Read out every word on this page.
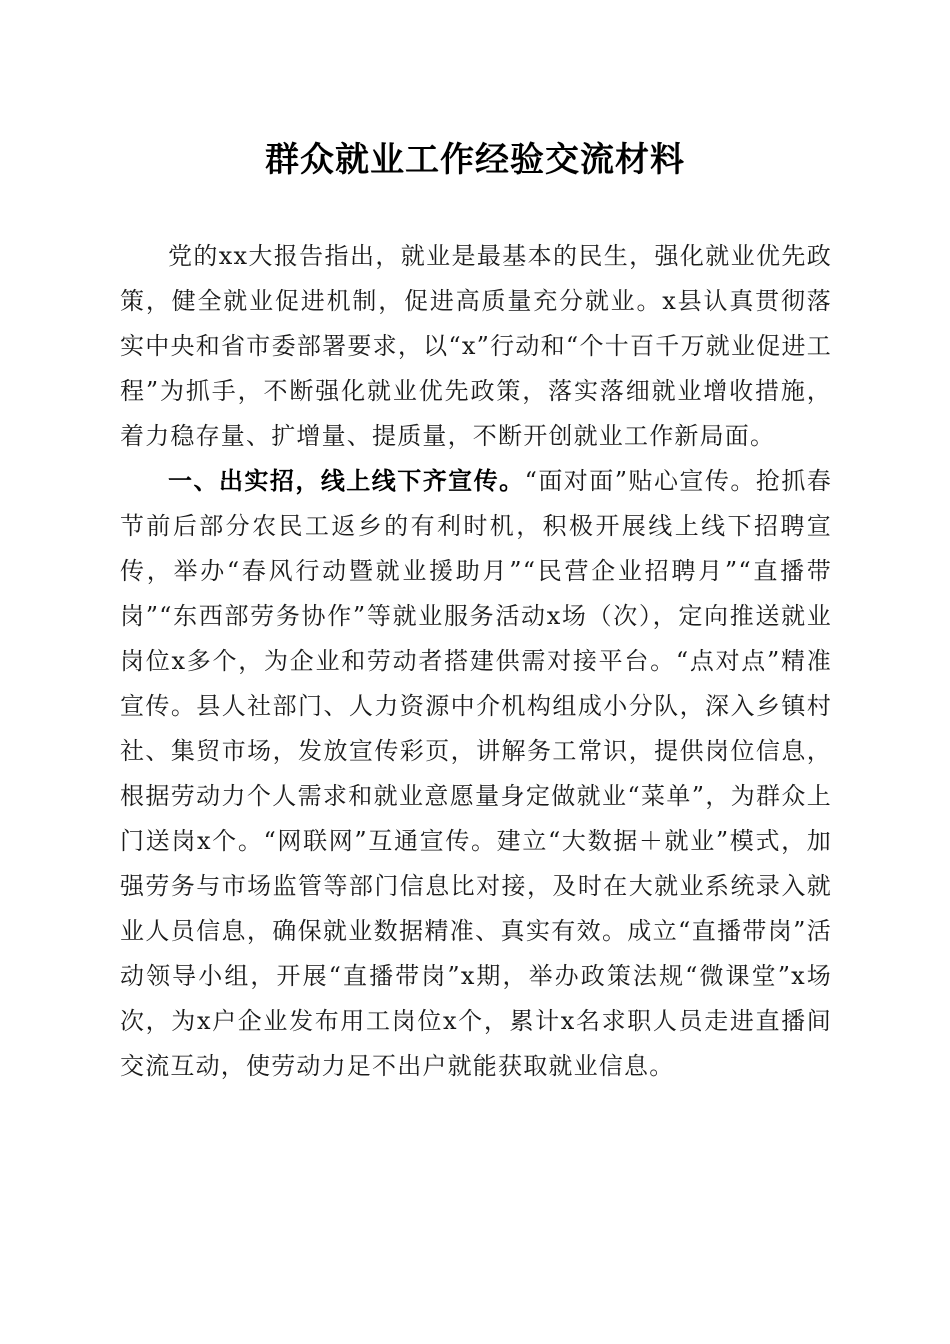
群众就业工作经验交流材料

党的xx大报告指出，就业是最基本的民生，强化就业优先政策，健全就业促进机制，促进高质量充分就业。x县认真贯彻落实中央和省市委部署要求，以“x”行动和“个十百千万就业促进工程”为抓手，不断强化就业优先政策，落实落细就业增收措施，着力稳存量、扩增量、提质量，不断开创就业工作新局面。

一、出实招，线上线下齐宣传。“面对面”贴心宣传。抢抓春节前后部分农民工返乡的有利时机，积极开展线上线下招聘宣传，举办“春风行动暨就业援助月”“民营企业招聘月”“直播带岗”“东西部劳务协作”等就业服务活动x场（次），定向推送就业岗位x多个，为企业和劳动者搭建供需对接平台。“点对点”精准宣传。县人社部门、人力资源中介机构组成小分队，深入乡镇村社、集贸市场，发放宣传彩页，讲解务工常识，提供岗位信息，根据劳动力个人需求和就业意愿量身定做就业“菜单”，为群众上门送岗x个。“网联网”互通宣传。建立“大数据＋就业”模式，加强劳务与市场监管等部门信息比对接，及时在大就业系统录入就业人员信息，确保就业数据精准、真实有效。成立“直播带岗”活动领导小组，开展“直播带岗”x期，举办政策法规“微课堂”x场次，为x户企业发布用工岗位x个，累计x名求职人员走进直播间交流互动，使劳动力足不出户就能获取就业信息。
